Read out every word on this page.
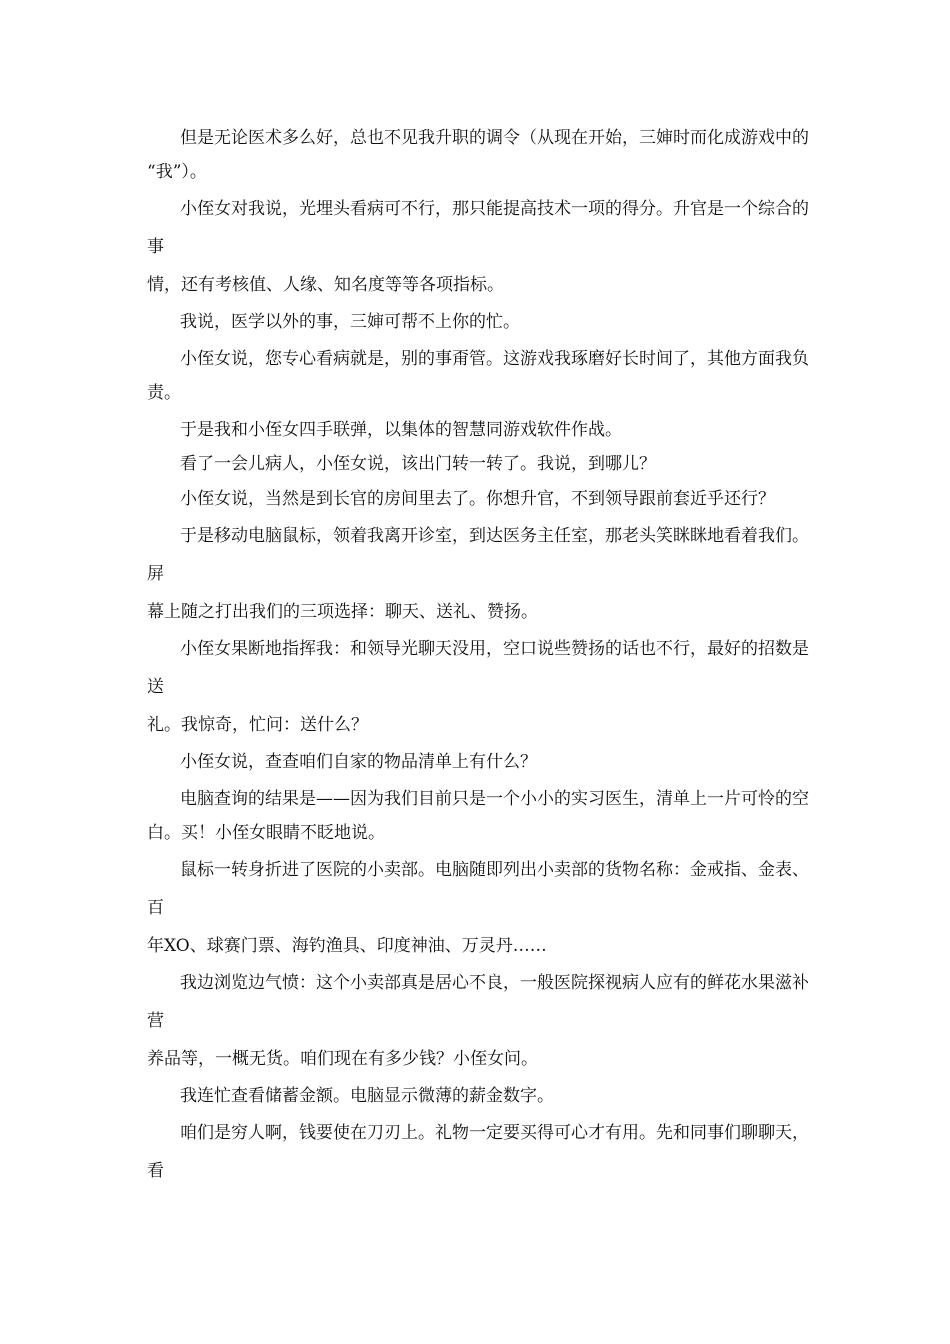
但是无论医术多么好，总也不见我升职的调令（从现在开始，三婶时而化成游戏中的
“我”）。
小侄女对我说，光埋头看病可不行，那只能提高技术一项的得分。升官是一个综合的
事
情，还有考核值、人缘、知名度等等各项指标。
我说，医学以外的事，三婶可帮不上你的忙。
小侄女说，您专心看病就是，别的事甭管。这游戏我琢磨好长时间了，其他方面我负
责。
于是我和小侄女四手联弹，以集体的智慧同游戏软件作战。
看了一会儿病人，小侄女说，该出门转一转了。我说，到哪儿？
小侄女说，当然是到长官的房间里去了。你想升官，不到领导跟前套近乎还行？
于是移动电脑鼠标，领着我离开诊室，到达医务主任室，那老头笑眯眯地看着我们。
屏
幕上随之打出我们的三项选择：聊天、送礼、赞扬。
小侄女果断地指挥我：和领导光聊天没用，空口说些赞扬的话也不行，最好的招数是
送
礼。我惊奇，忙问：送什么？
小侄女说，查查咱们自家的物品清单上有什么？
电脑查询的结果是——因为我们目前只是一个小小的实习医生，清单上一片可怜的空
白。买！小侄女眼睛不眨地说。
鼠标一转身折进了医院的小卖部。电脑随即列出小卖部的货物名称：金戒指、金表、
百
年XO、球赛门票、海钓渔具、印度神油、万灵丹……
我边浏览边气愤：这个小卖部真是居心不良，一般医院探视病人应有的鲜花水果滋补
营
养品等，一概无货。咱们现在有多少钱？小侄女问。
我连忙查看储蓄金额。电脑显示微薄的薪金数字。
咱们是穷人啊，钱要使在刀刃上。礼物一定要买得可心才有用。先和同事们聊聊天，
看
